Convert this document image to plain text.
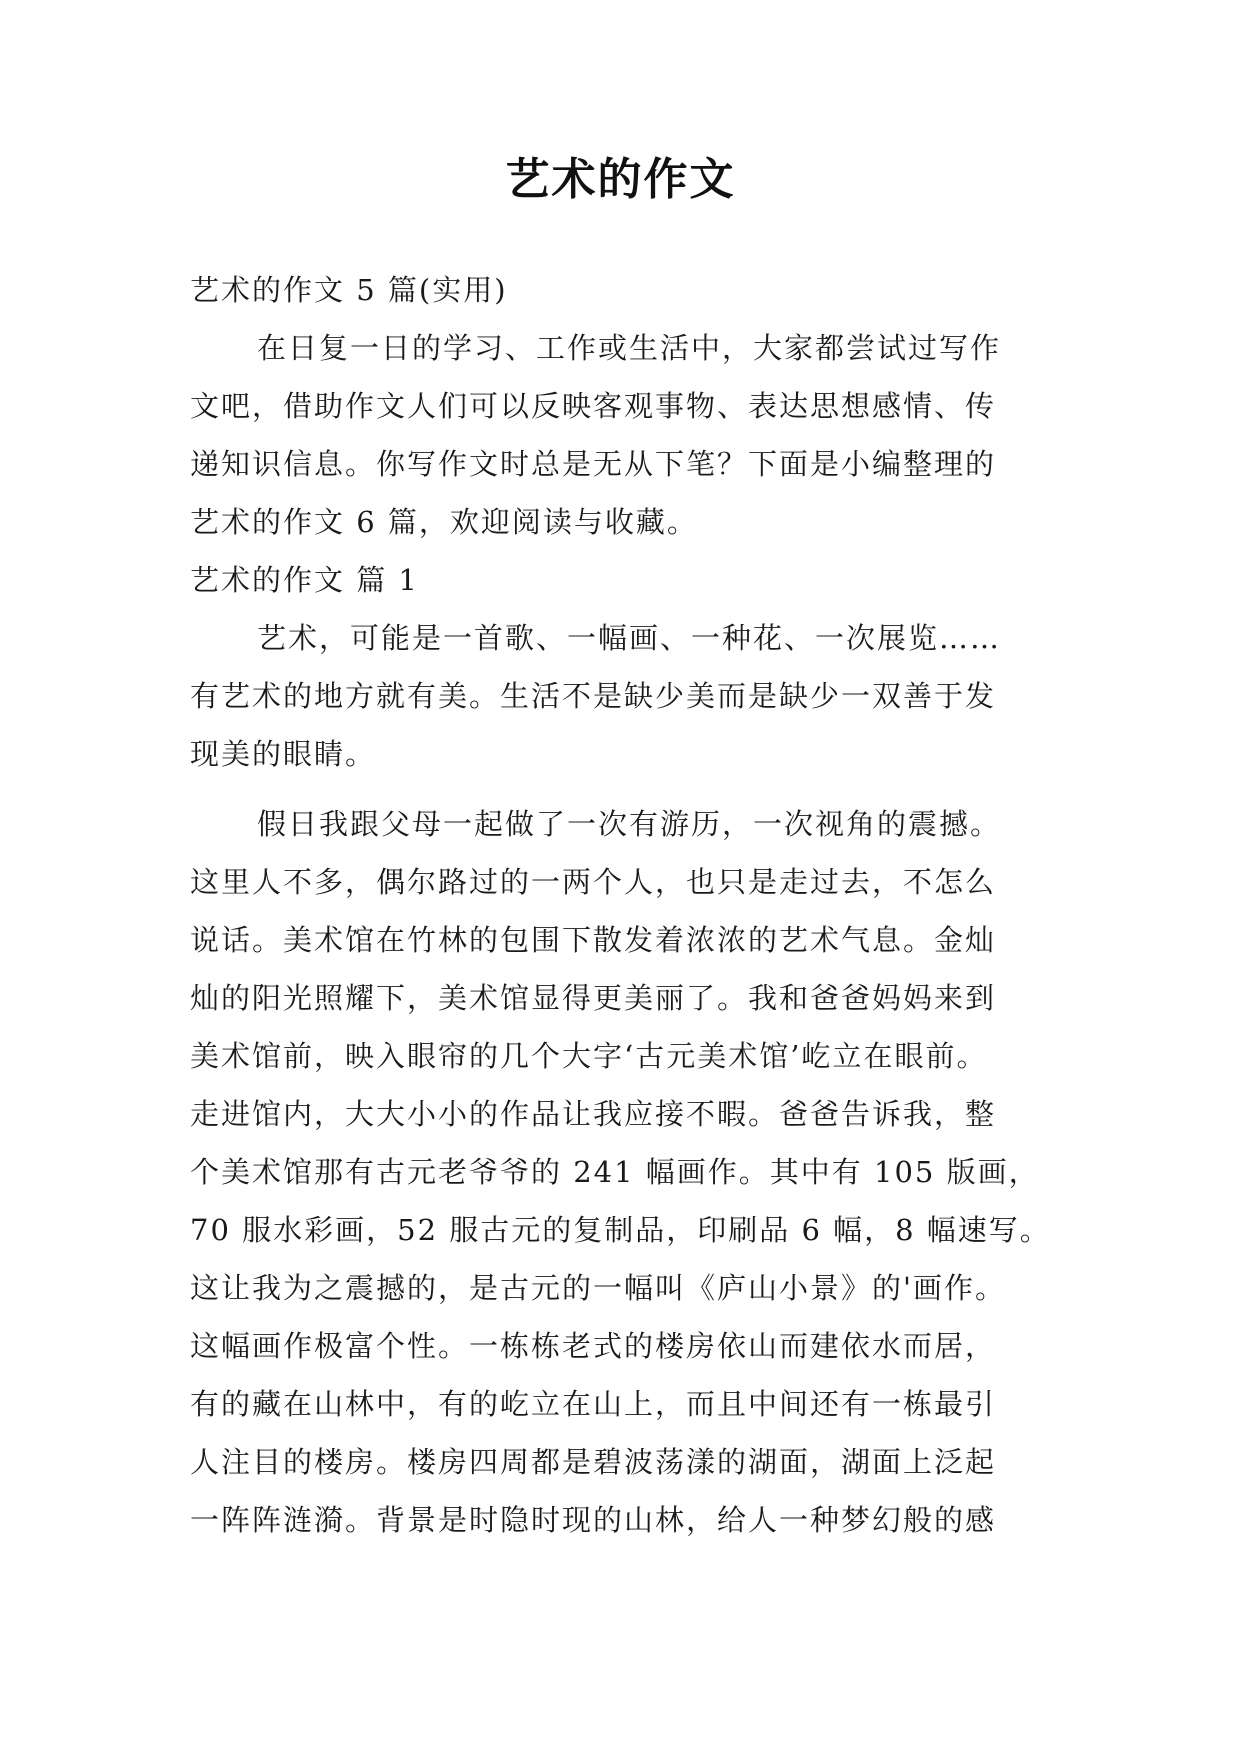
艺术的作文
艺术的作文 5 篇(实用)
在日复一日的学习、工作或生活中，大家都尝试过写作
文吧，借助作文人们可以反映客观事物、表达思想感情、传
递知识信息。你写作文时总是无从下笔？下面是小编整理的
艺术的作文 6 篇，欢迎阅读与收藏。
艺术的作文 篇 1
艺术，可能是一首歌、一幅画、一种花、一次展览……
有艺术的地方就有美。生活不是缺少美而是缺少一双善于发
现美的眼睛。
假日我跟父母一起做了一次有游历，一次视角的震撼。
这里人不多，偶尔路过的一两个人，也只是走过去，不怎么
说话。美术馆在竹林的包围下散发着浓浓的艺术气息。金灿
灿的阳光照耀下，美术馆显得更美丽了。我和爸爸妈妈来到
美术馆前，映入眼帘的几个大字‘古元美术馆’屹立在眼前。
走进馆内，大大小小的作品让我应接不暇。爸爸告诉我，整
个美术馆那有古元老爷爷的 241 幅画作。其中有 105 版画，
70 服水彩画，52 服古元的复制品，印刷品 6 幅，8 幅速写。
这让我为之震撼的，是古元的一幅叫《庐山小景》的'画作。
这幅画作极富个性。一栋栋老式的楼房依山而建依水而居，
有的藏在山林中，有的屹立在山上，而且中间还有一栋最引
人注目的楼房。楼房四周都是碧波荡漾的湖面，湖面上泛起
一阵阵涟漪。背景是时隐时现的山林，给人一种梦幻般的感
